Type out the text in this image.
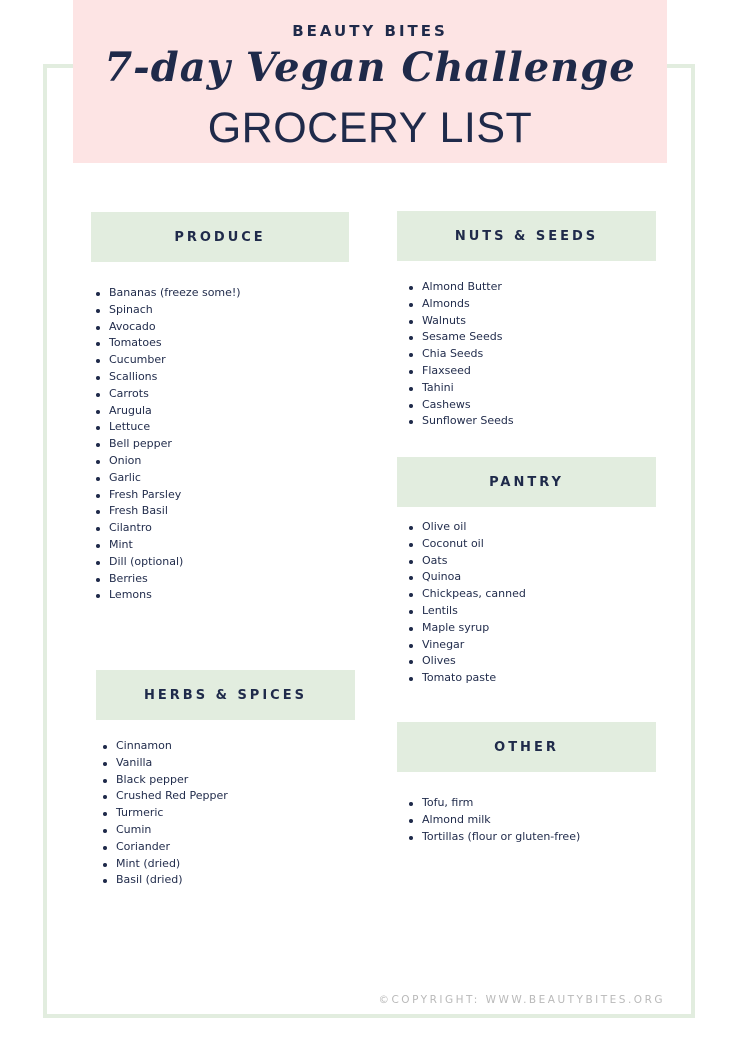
BEAUTY BITES
7-day Vegan Challenge
GROCERY LIST
PRODUCE
Bananas (freeze some!)
Spinach
Avocado
Tomatoes
Cucumber
Scallions
Carrots
Arugula
Lettuce
Bell pepper
Onion
Garlic
Fresh Parsley
Fresh Basil
Cilantro
Mint
Dill (optional)
Berries
Lemons
NUTS & SEEDS
Almond Butter
Almonds
Walnuts
Sesame Seeds
Chia Seeds
Flaxseed
Tahini
Cashews
Sunflower Seeds
PANTRY
Olive oil
Coconut oil
Oats
Quinoa
Chickpeas, canned
Lentils
Maple syrup
Vinegar
Olives
Tomato paste
HERBS & SPICES
Cinnamon
Vanilla
Black pepper
Crushed Red Pepper
Turmeric
Cumin
Coriander
Mint (dried)
Basil (dried)
OTHER
Tofu, firm
Almond milk
Tortillas (flour or gluten-free)
©COPYRIGHT: WWW.BEAUTYBITES.ORG
